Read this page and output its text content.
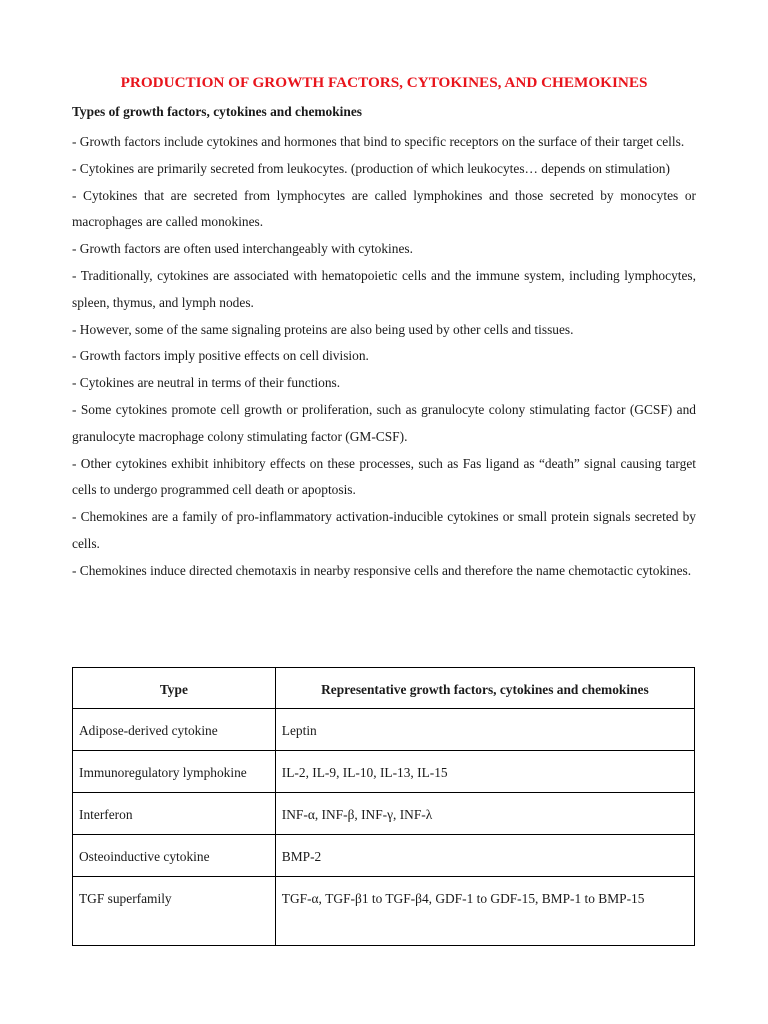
PRODUCTION OF GROWTH FACTORS, CYTOKINES, AND CHEMOKINES
Types of growth factors, cytokines and chemokines

- Growth factors include cytokines and hormones that bind to specific receptors on the surface of their target cells.

- Cytokines are primarily secreted from leukocytes. (production of which leukocytes… depends on stimulation)

- Cytokines that are secreted from lymphocytes are called lymphokines and those secreted by monocytes or macrophages are called monokines.

- Growth factors are often used interchangeably with cytokines.

- Traditionally, cytokines are associated with hematopoietic cells and the immune system, including lymphocytes, spleen, thymus, and lymph nodes.

- However, some of the same signaling proteins are also being used by other cells and tissues.

- Growth factors imply positive effects on cell division.

- Cytokines are neutral in terms of their functions.

- Some cytokines promote cell growth or proliferation, such as granulocyte colony stimulating factor (GCSF) and granulocyte macrophage colony stimulating factor (GM-CSF).

- Other cytokines exhibit inhibitory effects on these processes, such as Fas ligand as “death” signal causing target cells to undergo programmed cell death or apoptosis.

- Chemokines are a family of pro-inflammatory activation-inducible cytokines or small protein signals secreted by cells.

- Chemokines induce directed chemotaxis in nearby responsive cells and therefore the name chemotactic cytokines.

Type	Representative growth factors, cytokines and chemokines
Adipose-derived cytokine	Leptin
Immunoregulatory lymphokine	IL-2, IL-9, IL-10, IL-13, IL-15
Interferon	INF-α, INF-β, INF-γ, INF-λ
Osteoinductive cytokine	BMP-2
TGF superfamily	TGF-α, TGF-β1 to TGF-β4, GDF-1 to GDF-15, BMP-1 to BMP-15
